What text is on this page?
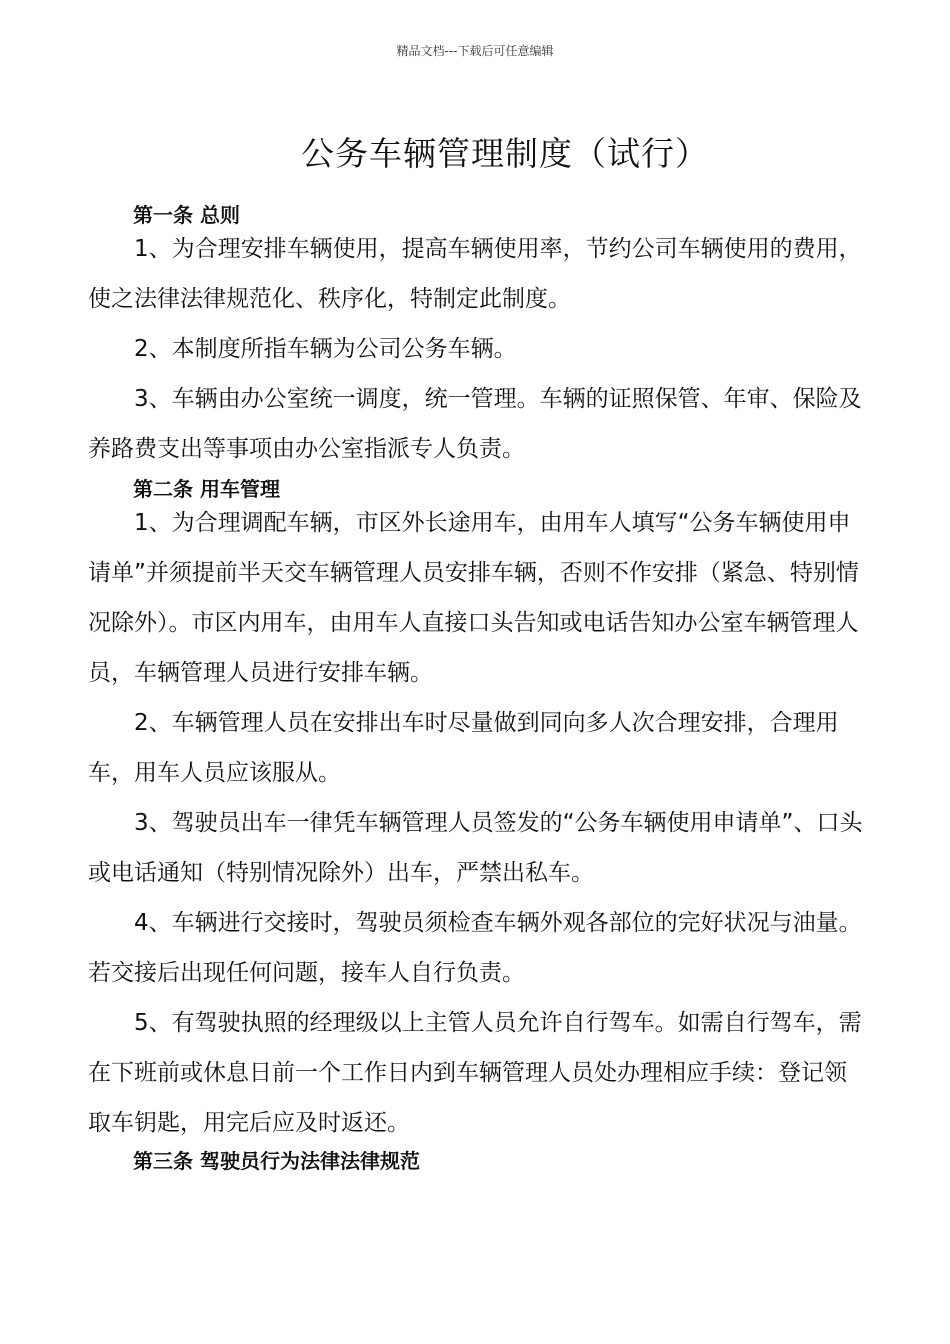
精品文档---下载后可任意编辑
公务车辆管理制度（试行）
第一条 总则

1、为合理安排车辆使用，提高车辆使用率，节约公司车辆使用的费用，使之法律法律规范化、秩序化，特制定此制度。

2、本制度所指车辆为公司公务车辆。

3、车辆由办公室统一调度，统一管理。车辆的证照保管、年审、保险及养路费支出等事项由办公室指派专人负责。

第二条 用车管理

1、为合理调配车辆，市区外长途用车，由用车人填写“公务车辆使用申请单”并须提前半天交车辆管理人员安排车辆，否则不作安排（紧急、特别情况除外）。市区内用车，由用车人直接口头告知或电话告知办公室车辆管理人员，车辆管理人员进行安排车辆。

2、车辆管理人员在安排出车时尽量做到同向多人次合理安排，合理用车，用车人员应该服从。

3、驾驶员出车一律凭车辆管理人员签发的“公务车辆使用申请单”、口头或电话通知（特别情况除外）出车，严禁出私车。

4、车辆进行交接时，驾驶员须检查车辆外观各部位的完好状况与油量。若交接后出现任何问题，接车人自行负责。

5、有驾驶执照的经理级以上主管人员允许自行驾车。如需自行驾车，需在下班前或休息日前一个工作日内到车辆管理人员处办理相应手续：登记领取车钥匙，用完后应及时返还。

第三条 驾驶员行为法律法律规范
